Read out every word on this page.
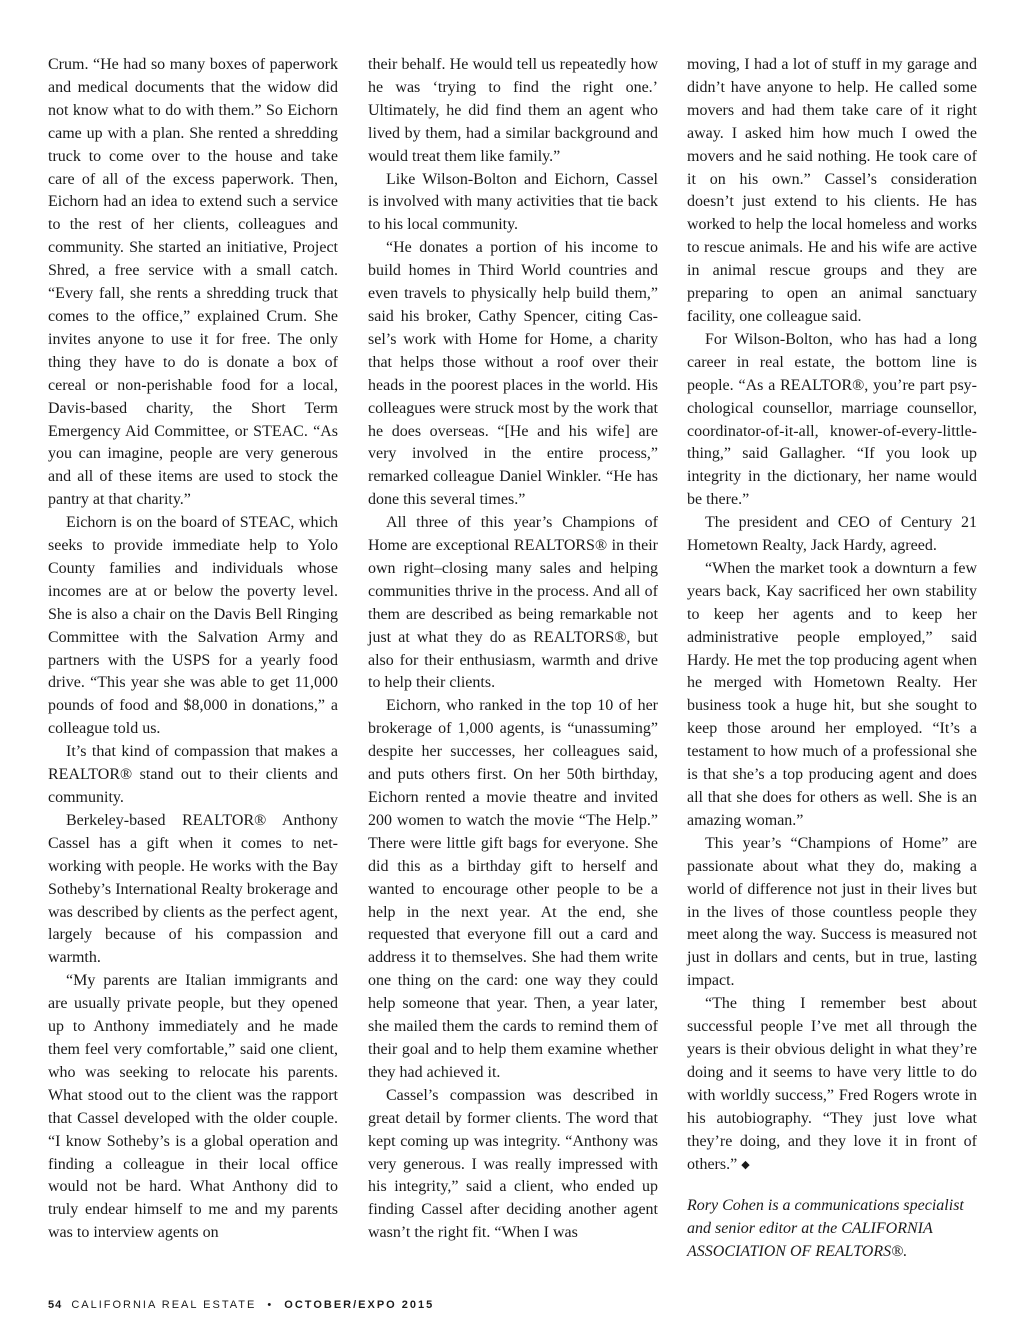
Crum. “He had so many boxes of paperwork and medical documents that the widow did not know what to do with them.” So Eichorn came up with a plan. She rented a shredding truck to come over to the house and take care of all of the excess paperwork. Then, Eichorn had an idea to extend such a service to the rest of her clients, colleagues and community. She started an initiative, Project Shred, a free service with a small catch. “Every fall, she rents a shredding truck that comes to the office,” explained Crum. She invites anyone to use it for free. The only thing they have to do is donate a box of cereal or non-perishable food for a local, Davis-based charity, the Short Term Emergency Aid Committee, or STEAC. “As you can imagine, people are very generous and all of these items are used to stock the pantry at that charity.”

Eichorn is on the board of STEAC, which seeks to provide immediate help to Yolo County families and individuals whose incomes are at or below the poverty level. She is also a chair on the Davis Bell Ringing Committee with the Salvation Army and partners with the USPS for a yearly food drive. “This year she was able to get 11,000 pounds of food and $8,000 in donations,” a colleague told us.

It’s that kind of compassion that makes a REALTOR® stand out to their clients and community.

Berkeley-based REALTOR® Anthony Cassel has a gift when it comes to networking with people. He works with the Bay Sotheby’s International Realty brokerage and was described by clients as the perfect agent, largely because of his compassion and warmth.

“My parents are Italian immigrants and are usually private people, but they opened up to Anthony immediately and he made them feel very comfortable,” said one client, who was seeking to relocate his parents. What stood out to the client was the rapport that Cassel developed with the older couple. “I know Sotheby’s is a global operation and finding a colleague in their local office would not be hard. What Anthony did to truly endear himself to me and my parents was to interview agents on

their behalf. He would tell us repeatedly how he was ‘trying to find the right one.’ Ultimately, he did find them an agent who lived by them, had a similar background and would treat them like family.”

Like Wilson-Bolton and Eichorn, Cassel is involved with many activities that tie back to his local community.

“He donates a portion of his income to build homes in Third World countries and even travels to physically help build them,” said his broker, Cathy Spencer, citing Cassel’s work with Home for Home, a charity that helps those without a roof over their heads in the poorest places in the world. His colleagues were struck most by the work that he does overseas. “[He and his wife] are very involved in the entire process,” remarked colleague Daniel Winkler. “He has done this several times.”

All three of this year’s Champions of Home are exceptional REALTORS® in their own right–closing many sales and helping communities thrive in the process. And all of them are described as being remarkable not just at what they do as REALTORS®, but also for their enthusiasm, warmth and drive to help their clients.

Eichorn, who ranked in the top 10 of her brokerage of 1,000 agents, is “unassuming” despite her successes, her colleagues said, and puts others first. On her 50th birthday, Eichorn rented a movie theatre and invited 200 women to watch the movie “The Help.” There were little gift bags for everyone. She did this as a birthday gift to herself and wanted to encourage other people to be a help in the next year. At the end, she requested that everyone fill out a card and address it to themselves. She had them write one thing on the card: one way they could help someone that year. Then, a year later, she mailed them the cards to remind them of their goal and to help them examine whether they had achieved it.

Cassel’s compassion was described in great detail by former clients. The word that kept coming up was integrity. “Anthony was very generous. I was really impressed with his integrity,” said a client, who ended up finding Cassel after deciding another agent wasn’t the right fit. “When I was

moving, I had a lot of stuff in my garage and didn’t have anyone to help. He called some movers and had them take care of it right away. I asked him how much I owed the movers and he said nothing. He took care of it on his own.” Cassel’s consideration doesn’t just extend to his clients. He has worked to help the local homeless and works to rescue animals. He and his wife are active in animal rescue groups and they are preparing to open an animal sanctuary facility, one colleague said.

For Wilson-Bolton, who has had a long career in real estate, the bottom line is people. “As a REALTOR®, you’re part psychological counsellor, marriage counsellor, coordinator-of-it-all, knower-of-every-little-thing,” said Gallagher. “If you look up integrity in the dictionary, her name would be there.”

The president and CEO of Century 21 Hometown Realty, Jack Hardy, agreed.

“When the market took a downturn a few years back, Kay sacrificed her own stability to keep her agents and to keep her administrative people employed,” said Hardy. He met the top producing agent when he merged with Hometown Realty. Her business took a huge hit, but she sought to keep those around her employed. “It’s a testament to how much of a professional she is that she’s a top producing agent and does all that she does for others as well. She is an amazing woman.”

This year’s “Champions of Home” are passionate about what they do, making a world of difference not just in their lives but in the lives of those countless people they meet along the way. Success is measured not just in dollars and cents, but in true, lasting impact.

“The thing I remember best about successful people I’ve met all through the years is their obvious delight in what they’re doing and it seems to have very little to do with worldly success,” Fred Rogers wrote in his autobiography. “They just love what they’re doing, and they love it in front of others.” ◆

Rory Cohen is a communications specialist and senior editor at the CALIFORNIA ASSOCIATION OF REALTORS®.

54 CALIFORNIA REAL ESTATE • OCTOBER/EXPO 2015
